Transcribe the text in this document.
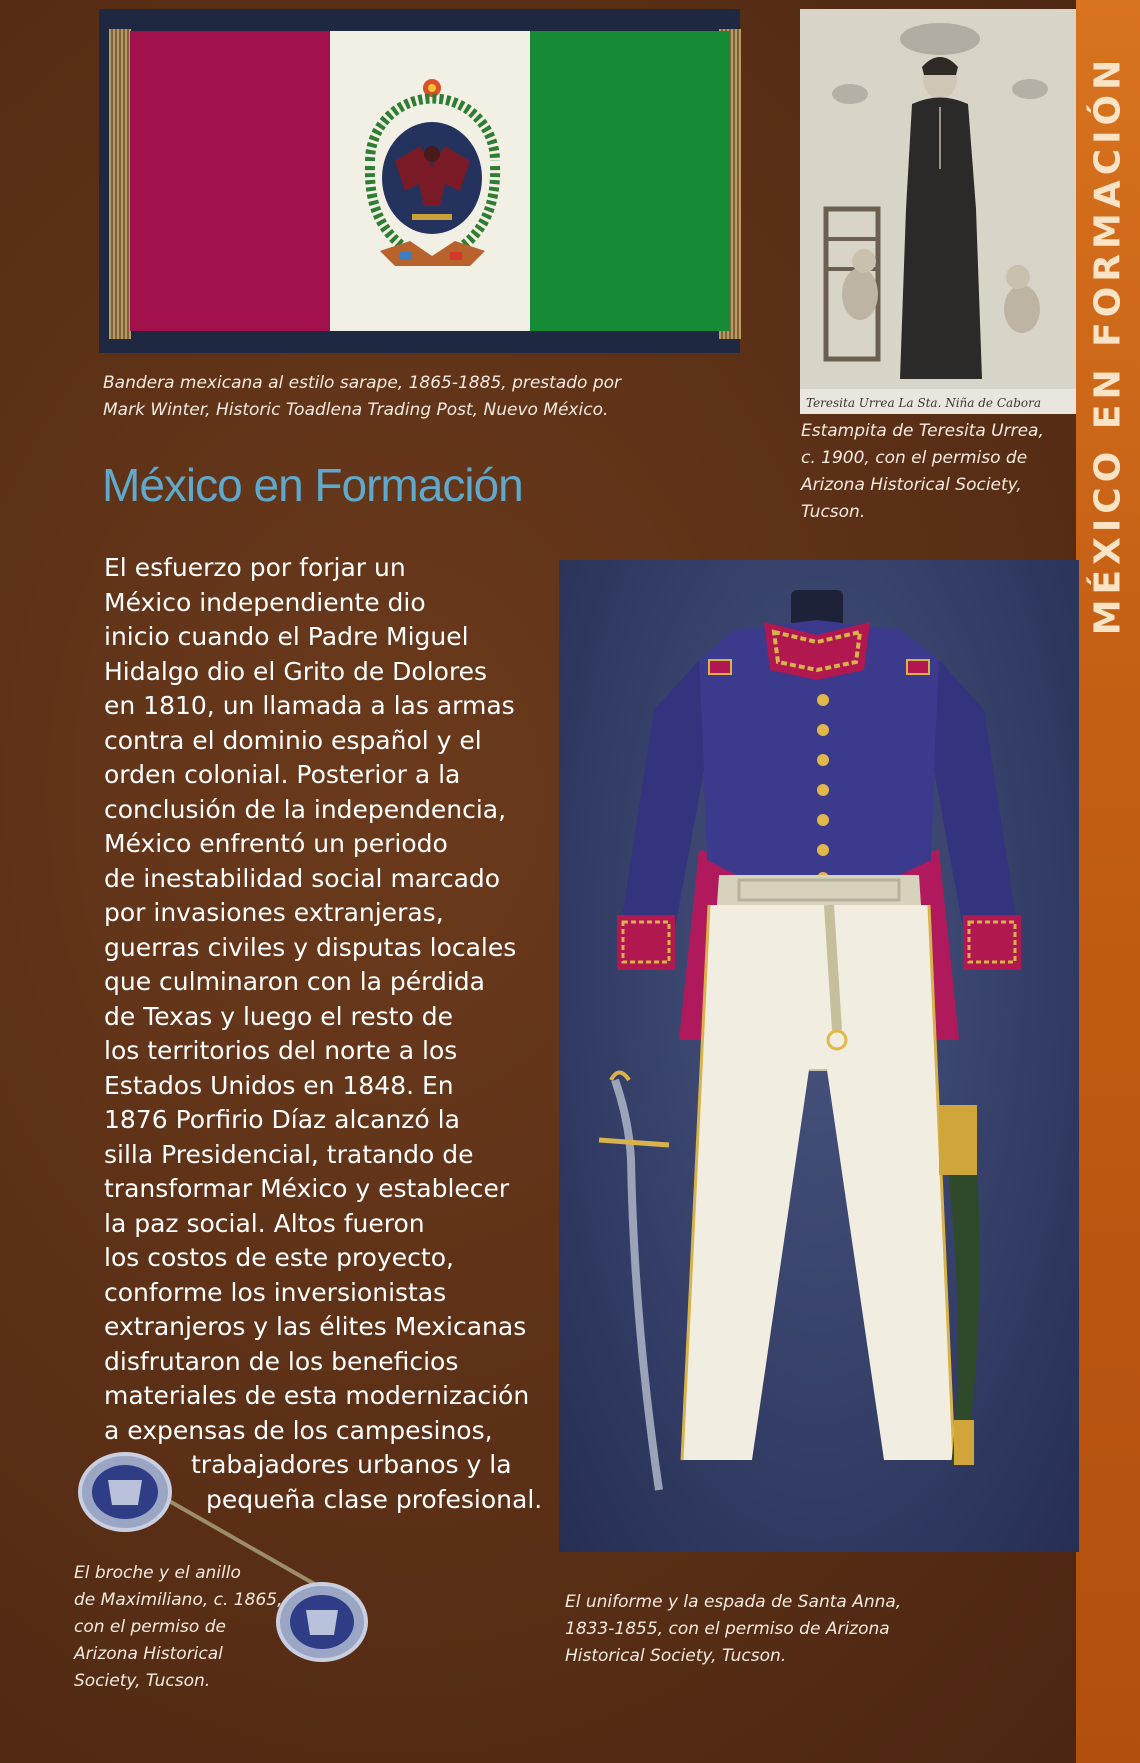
MÉXICO EN FORMACIÓN
Bandera mexicana al estilo sarape, 1865-1885, prestado por
Mark Winter, Historic Toadlena Trading Post, Nuevo México.	Teresita Urrea La Sta. Niña de Cabora
Estampita de Teresita Urrea,
c. 1900, con el permiso de
Arizona Historical Society,
Tucson.
México en Formación
El esfuerzo por forjar un
México independiente dio
inicio cuando el Padre Miguel
Hidalgo dio el Grito de Dolores
en 1810, un llamada a las armas
contra el dominio español y el
orden colonial. Posterior a la
conclusión de la independencia,
México enfrentó un periodo
de inestabilidad social marcado
por invasiones extranjeras,
guerras civiles y disputas locales
que culminaron con la pérdida
de Texas y luego el resto de
los territorios del norte a los
Estados Unidos en 1848. En
1876 Porfirio Díaz alcanzó la
silla Presidencial, tratando de
transformar México y establecer
la paz social. Altos fueron
los costos de este proyecto,
conforme los inversionistas
extranjeros y las élites Mexicanas
disfrutaron de los beneficios
materiales de esta modernización
a expensas de los campesinos,
trabajadores urbanos y la
pequeña clase profesional.
El uniforme y la espada de Santa Anna,
1833-1855, con el permiso de Arizona
Historical Society, Tucson.
El broche y el anillo
de Maximiliano, c. 1865,
con el permiso de
Arizona Historical
Society, Tucson.
